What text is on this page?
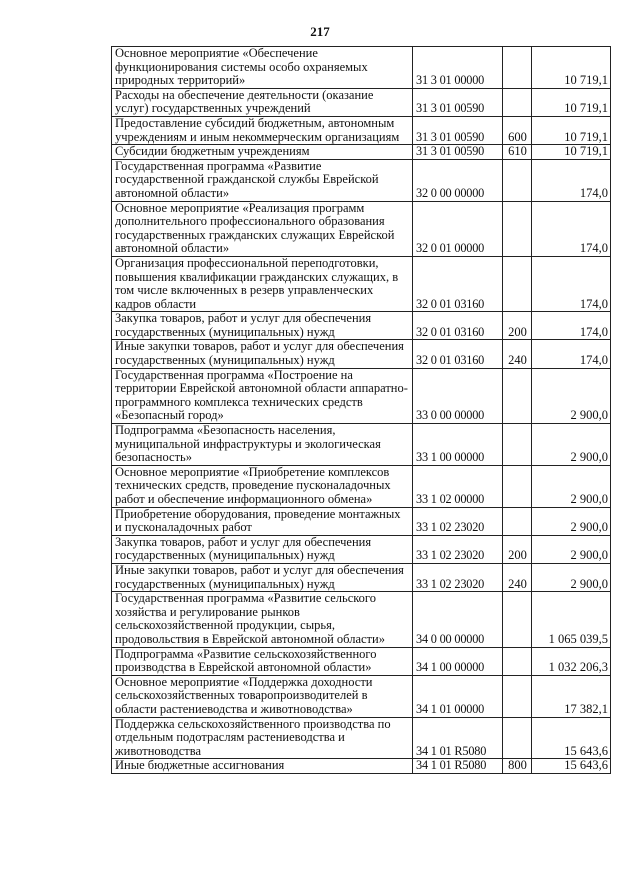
217
Основное мероприятие «Обеспечение функционирования системы особо охраняемых природных территорий»	31 3 01 00000		10 719,1
Расходы на обеспечение деятельности (оказание услуг) государственных учреждений	31 3 01 00590		10 719,1
Предоставление субсидий бюджетным, автономным учреждениям и иным некоммерческим организациям	31 3 01 00590	600	10 719,1
Субсидии бюджетным учреждениям	31 3 01 00590	610	10 719,1
Государственная программа «Развитие государственной гражданской службы Еврейской автономной области»	32 0 00 00000		174,0
Основное мероприятие «Реализация программ дополнительного профессионального образования государственных гражданских служащих Еврейской автономной области»	32 0 01 00000		174,0
Организация профессиональной переподготовки, повышения квалификации гражданских служащих, в том числе включенных в резерв управленческих кадров области	32 0 01 03160		174,0
Закупка товаров, работ и услуг для обеспечения государственных (муниципальных) нужд	32 0 01 03160	200	174,0
Иные закупки товаров, работ и услуг для обеспечения государственных (муниципальных) нужд	32 0 01 03160	240	174,0
Государственная программа «Построение на территории Еврейской автономной области аппаратно-программного комплекса технических средств «Безопасный город»	33 0 00 00000		2 900,0
Подпрограмма «Безопасность населения, муниципальной инфраструктуры и экологическая безопасность»	33 1 00 00000		2 900,0
Основное мероприятие «Приобретение комплексов технических средств, проведение пусконаладочных работ и обеспечение информационного обмена»	33 1 02 00000		2 900,0
Приобретение оборудования, проведение монтажных и пусконаладочных работ	33 1 02 23020		2 900,0
Закупка товаров, работ и услуг для обеспечения государственных (муниципальных) нужд	33 1 02 23020	200	2 900,0
Иные закупки товаров, работ и услуг для обеспечения государственных (муниципальных) нужд	33 1 02 23020	240	2 900,0
Государственная программа «Развитие сельского хозяйства и регулирование рынков сельскохозяйственной продукции, сырья, продовольствия в Еврейской автономной области»	34 0 00 00000		1 065 039,5
Подпрограмма «Развитие сельскохозяйственного производства в Еврейской автономной области»	34 1 00 00000		1 032 206,3
Основное мероприятие «Поддержка доходности сельскохозяйственных товаропроизводителей в области растениеводства и животноводства»	34 1 01 00000		17 382,1
Поддержка сельскохозяйственного производства по отдельным подотраслям растениеводства и животноводства	34 1 01 R5080		15 643,6
Иные бюджетные ассигнования	34 1 01 R5080	800	15 643,6
